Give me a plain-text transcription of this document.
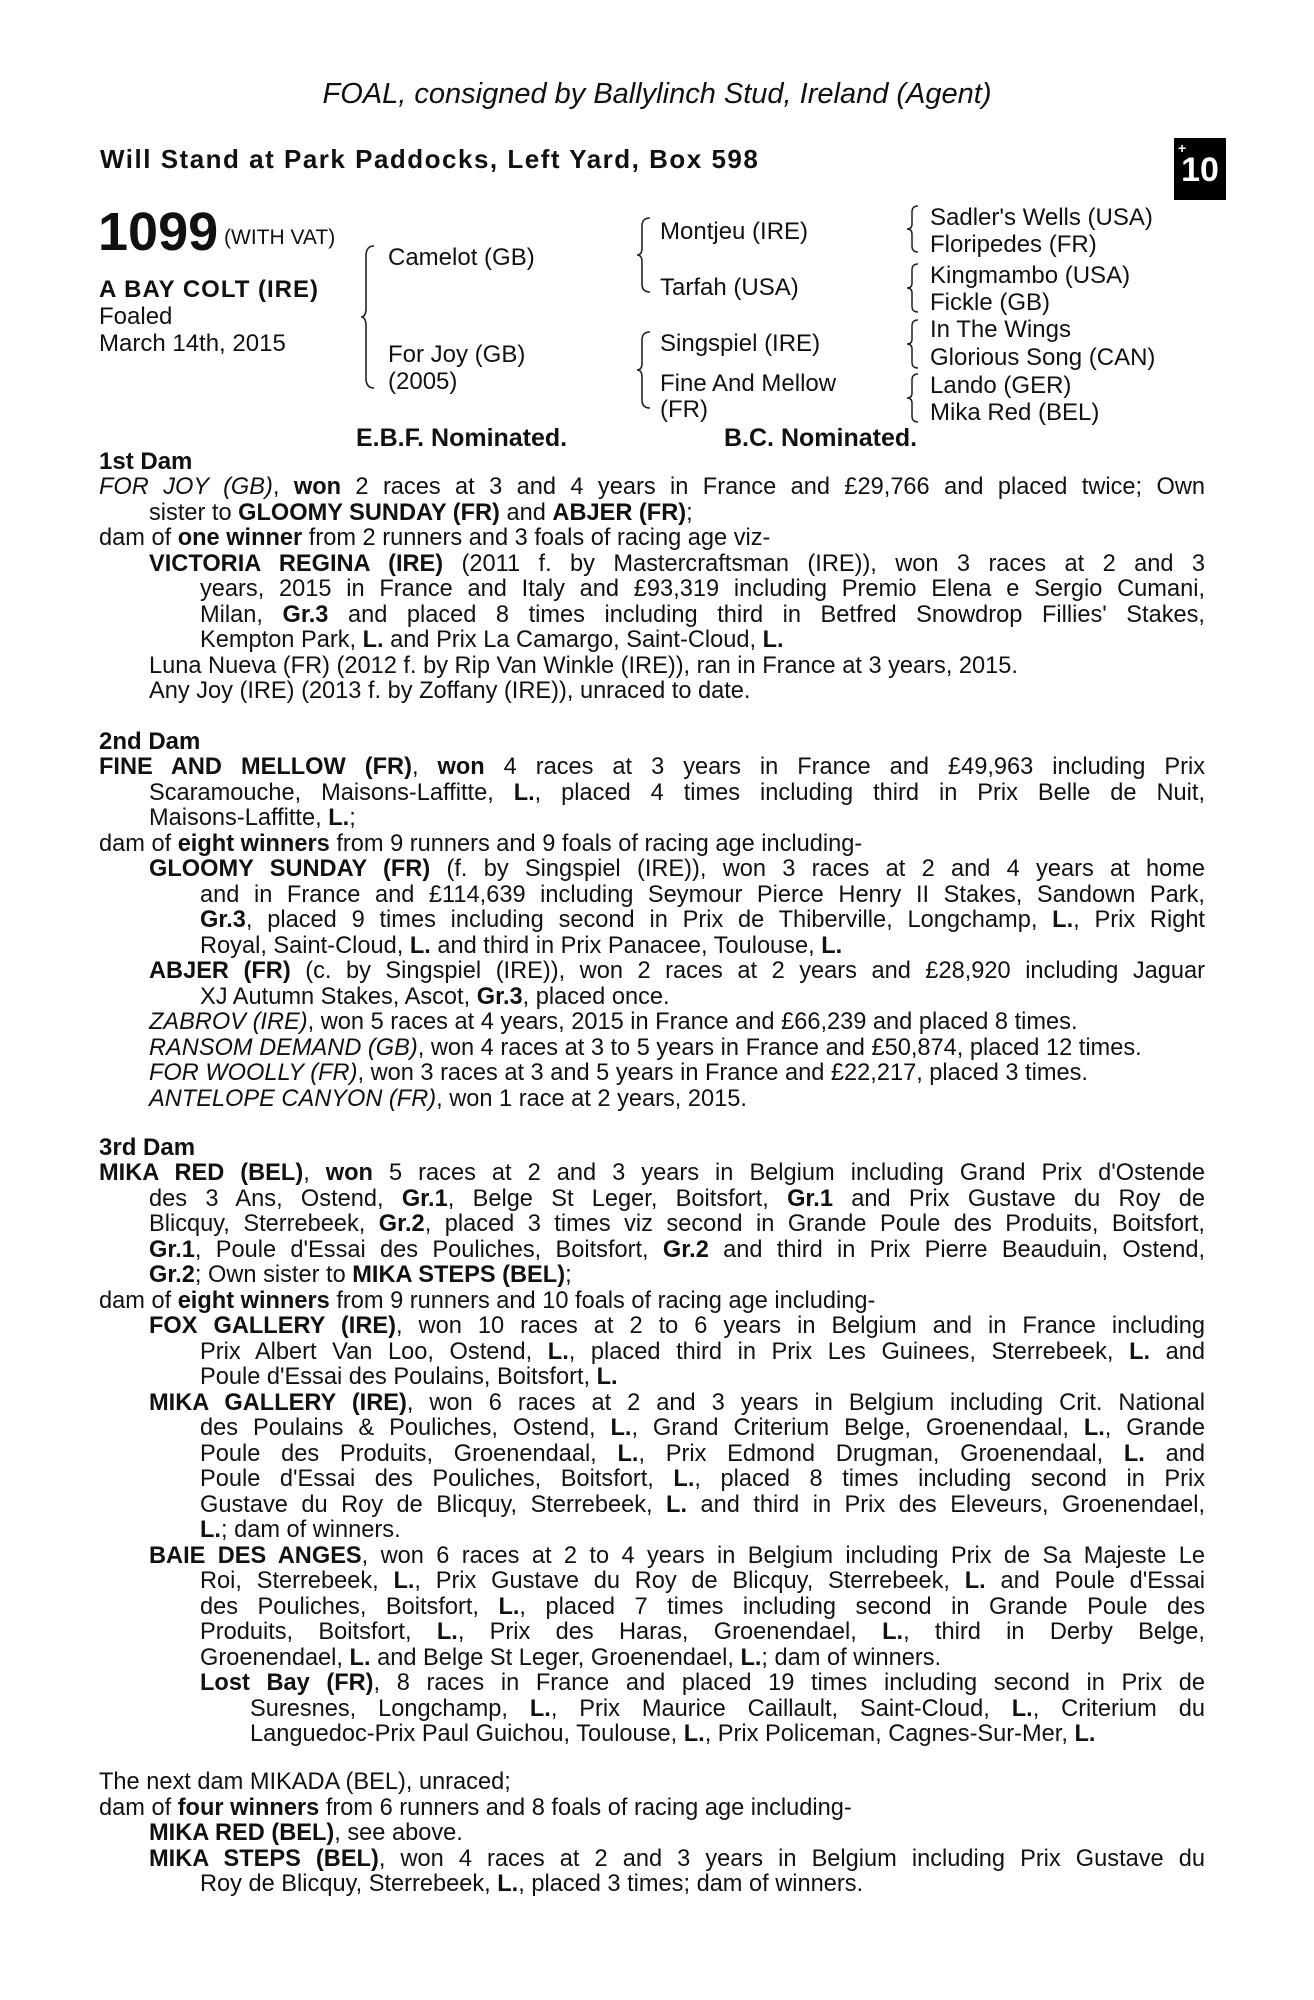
FOAL, consigned by Ballylinch Stud, Ireland (Agent)
Will Stand at Park Paddocks, Left Yard, Box 598	+
10
1099 (WITH VAT)
A BAY COLT (IRE)
Foaled
March 14th, 2015
Camelot (GB)
For Joy (GB)
(2005)
Montjeu (IRE)
Tarfah (USA)
Singspiel (IRE)
Fine And Mellow
(FR)
Sadler's Wells (USA)
Floripedes (FR)
Kingmambo (USA)
Fickle (GB)
In The Wings
Glorious Song (CAN)
Lando (GER)
Mika Red (BEL)
E.B.F. Nominated.	B.C. Nominated.
1st Dam
FOR JOY (GB), won 2 races at 3 and 4 years in France and £29,766 and placed twice; Own
sister to GLOOMY SUNDAY (FR) and ABJER (FR);
dam of one winner from 2 runners and 3 foals of racing age viz-
VICTORIA REGINA (IRE) (2011 f. by Mastercraftsman (IRE)), won 3 races at 2 and 3
years, 2015 in France and Italy and £93,319 including Premio Elena e Sergio Cumani,
Milan, Gr.3 and placed 8 times including third in Betfred Snowdrop Fillies' Stakes,
Kempton Park, L. and Prix La Camargo, Saint-Cloud, L.
Luna Nueva (FR) (2012 f. by Rip Van Winkle (IRE)), ran in France at 3 years, 2015.
Any Joy (IRE) (2013 f. by Zoffany (IRE)), unraced to date.
2nd Dam
FINE AND MELLOW (FR), won 4 races at 3 years in France and £49,963 including Prix
Scaramouche, Maisons-Laffitte, L., placed 4 times including third in Prix Belle de Nuit,
Maisons-Laffitte, L.;
dam of eight winners from 9 runners and 9 foals of racing age including-
GLOOMY SUNDAY (FR) (f. by Singspiel (IRE)), won 3 races at 2 and 4 years at home
and in France and £114,639 including Seymour Pierce Henry II Stakes, Sandown Park,
Gr.3, placed 9 times including second in Prix de Thiberville, Longchamp, L., Prix Right
Royal, Saint-Cloud, L. and third in Prix Panacee, Toulouse, L.
ABJER (FR) (c. by Singspiel (IRE)), won 2 races at 2 years and £28,920 including Jaguar
XJ Autumn Stakes, Ascot, Gr.3, placed once.
ZABROV (IRE), won 5 races at 4 years, 2015 in France and £66,239 and placed 8 times.
RANSOM DEMAND (GB), won 4 races at 3 to 5 years in France and £50,874, placed 12 times.
FOR WOOLLY (FR), won 3 races at 3 and 5 years in France and £22,217, placed 3 times.
ANTELOPE CANYON (FR), won 1 race at 2 years, 2015.
3rd Dam
MIKA RED (BEL), won 5 races at 2 and 3 years in Belgium including Grand Prix d'Ostende
des 3 Ans, Ostend, Gr.1, Belge St Leger, Boitsfort, Gr.1 and Prix Gustave du Roy de
Blicquy, Sterrebeek, Gr.2, placed 3 times viz second in Grande Poule des Produits, Boitsfort,
Gr.1, Poule d'Essai des Pouliches, Boitsfort, Gr.2 and third in Prix Pierre Beauduin, Ostend,
Gr.2; Own sister to MIKA STEPS (BEL);
dam of eight winners from 9 runners and 10 foals of racing age including-
FOX GALLERY (IRE), won 10 races at 2 to 6 years in Belgium and in France including
Prix Albert Van Loo, Ostend, L., placed third in Prix Les Guinees, Sterrebeek, L. and
Poule d'Essai des Poulains, Boitsfort, L.
MIKA GALLERY (IRE), won 6 races at 2 and 3 years in Belgium including Crit. National
des Poulains & Pouliches, Ostend, L., Grand Criterium Belge, Groenendaal, L., Grande
Poule des Produits, Groenendaal, L., Prix Edmond Drugman, Groenendaal, L. and
Poule d'Essai des Pouliches, Boitsfort, L., placed 8 times including second in Prix
Gustave du Roy de Blicquy, Sterrebeek, L. and third in Prix des Eleveurs, Groenendael,
L.; dam of winners.
BAIE DES ANGES, won 6 races at 2 to 4 years in Belgium including Prix de Sa Majeste Le
Roi, Sterrebeek, L., Prix Gustave du Roy de Blicquy, Sterrebeek, L. and Poule d'Essai
des Pouliches, Boitsfort, L., placed 7 times including second in Grande Poule des
Produits, Boitsfort, L., Prix des Haras, Groenendael, L., third in Derby Belge,
Groenendael, L. and Belge St Leger, Groenendael, L.; dam of winners.
Lost Bay (FR), 8 races in France and placed 19 times including second in Prix de
Suresnes, Longchamp, L., Prix Maurice Caillault, Saint-Cloud, L., Criterium du
Languedoc-Prix Paul Guichou, Toulouse, L., Prix Policeman, Cagnes-Sur-Mer, L.
The next dam MIKADA (BEL), unraced;
dam of four winners from 6 runners and 8 foals of racing age including-
MIKA RED (BEL), see above.
MIKA STEPS (BEL), won 4 races at 2 and 3 years in Belgium including Prix Gustave du
Roy de Blicquy, Sterrebeek, L., placed 3 times; dam of winners.
